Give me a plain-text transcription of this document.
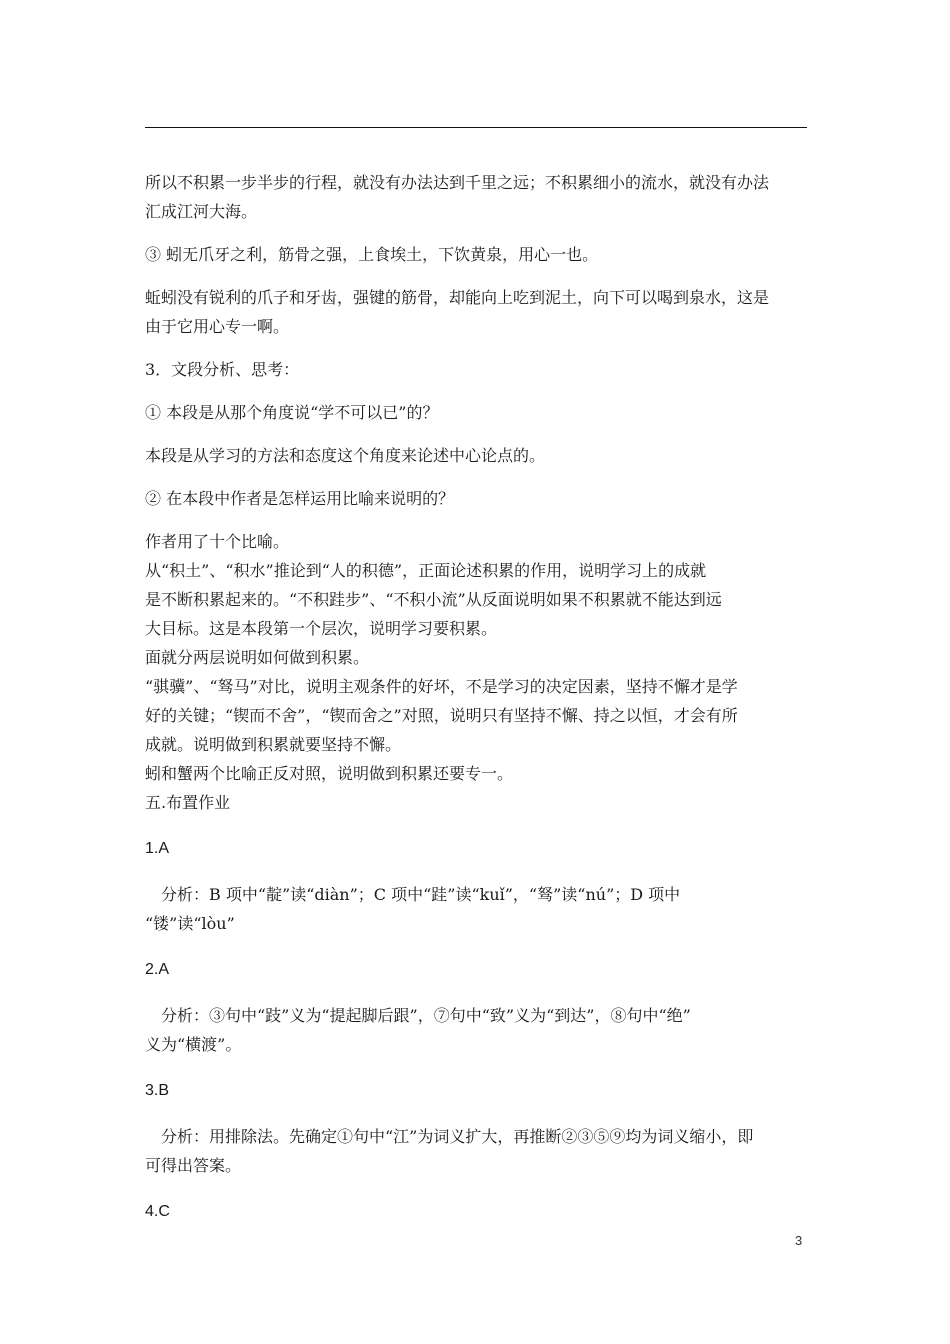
所以不积累一步半步的行程，就没有办法达到千里之远；不积累细小的流水，就没有办法

汇成江河大海。

③ 蚓无爪牙之利，筋骨之强，上食埃土，下饮黄泉，用心一也。

蚯蚓没有锐利的爪子和牙齿，强键的筋骨，却能向上吃到泥土，向下可以喝到泉水，这是

由于它用心专一啊。

3．文段分析、思考：

① 本段是从那个角度说“学不可以已”的？

本段是从学习的方法和态度这个角度来论述中心论点的。

② 在本段中作者是怎样运用比喻来说明的？

作者用了十个比喻。

从“积土”、“积水”推论到“人的积德”，正面论述积累的作用，说明学习上的成就

是不断积累起来的。“不积跬步”、“不积小流”从反面说明如果不积累就不能达到远

大目标。这是本段第一个层次，说明学习要积累。

面就分两层说明如何做到积累。

“骐骥”、“驽马”对比，说明主观条件的好坏，不是学习的决定因素，坚持不懈才是学

好的关键；“锲而不舍”，“锲而舍之”对照，说明只有坚持不懈、持之以恒，才会有所

成就。说明做到积累就要坚持不懈。

蚓和蟹两个比喻正反对照，说明做到积累还要专一。

五.布置作业

1.A

分析：B 项中“靛”读“diàn”；C 项中“跬”读“kuǐ”，“驽”读“nú”；D 项中

“镂”读“lòu”

2.A

分析：③句中“跂”义为“提起脚后跟”，⑦句中“致”义为“到达”，⑧句中“绝”

义为“横渡”。

3.B

分析：用排除法。先确定①句中“江”为词义扩大，再推断②③⑤⑨均为词义缩小，即

可得出答案。

4.C

3
